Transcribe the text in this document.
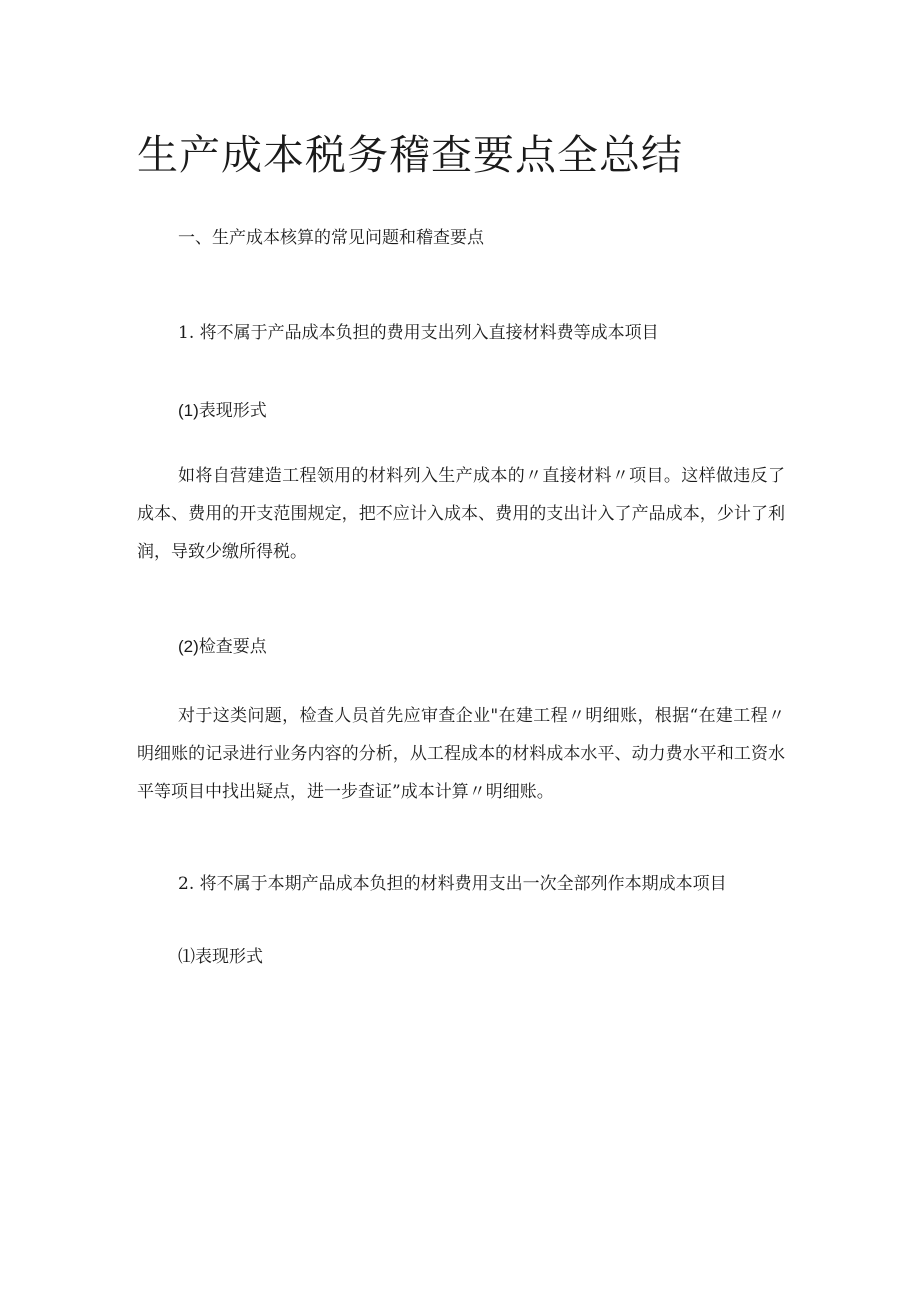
生产成本税务稽查要点全总结

一、生产成本核算的常见问题和稽查要点

1. 将不属于产品成本负担的费用支出列入直接材料费等成本项目

(1)表现形式

如将自营建造工程领用的材料列入生产成本的〃直接材料〃项目。这样做违反了成本、费用的开支范围规定，把不应计入成本、费用的支出计入了产品成本，少计了利润，导致少缴所得税。

(2)检查要点

对于这类问题，检查人员首先应审查企业"在建工程〃明细账，根据“在建工程〃明细账的记录进行业务内容的分析，从工程成本的材料成本水平、动力费水平和工资水平等项目中找出疑点，进一步查证”成本计算〃明细账。

2. 将不属于本期产品成本负担的材料费用支出一次全部列作本期成本项目

⑴表现形式
